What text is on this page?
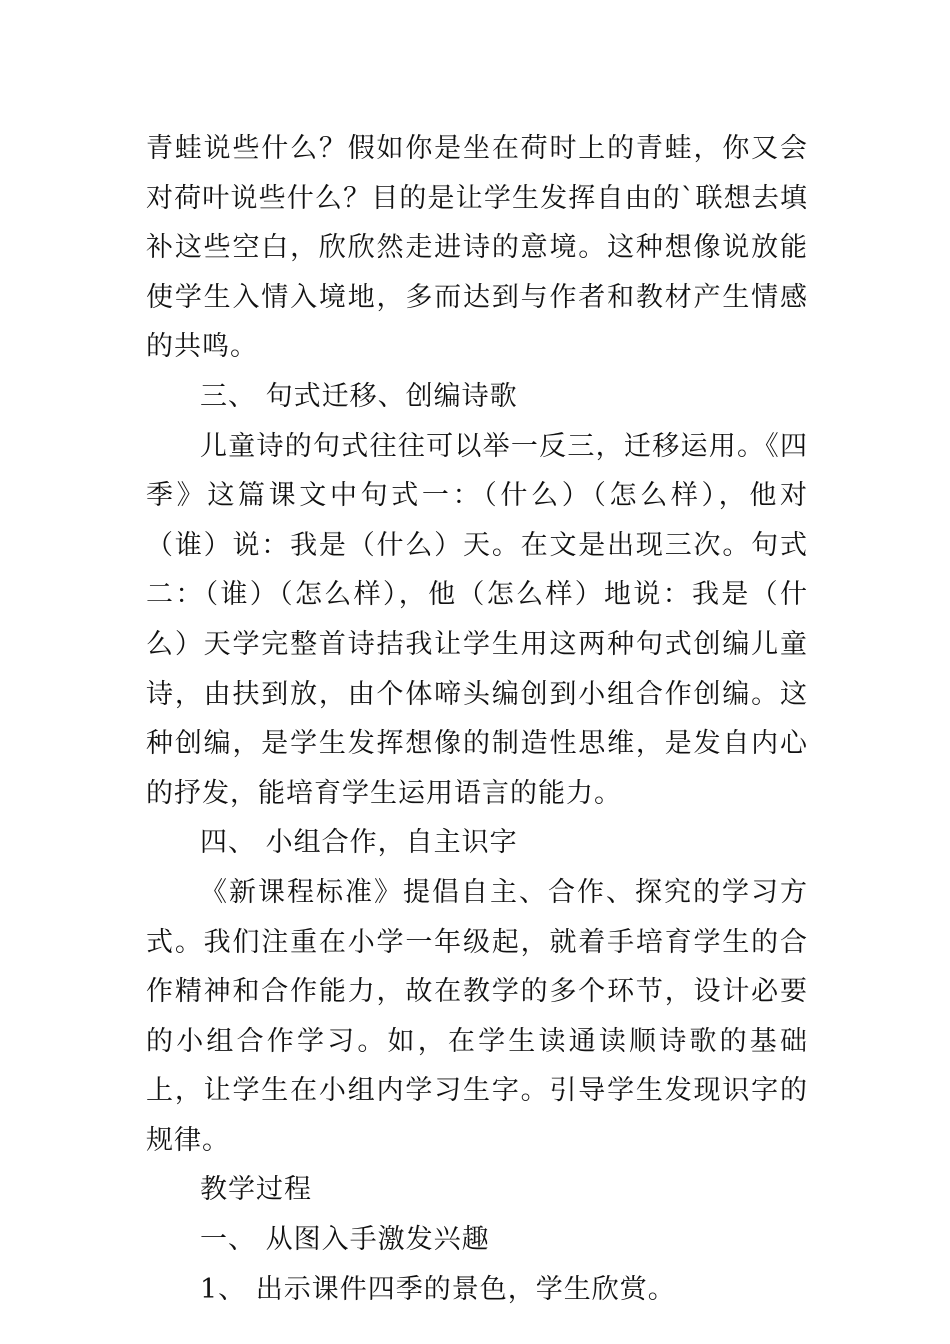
青蛙说些什么？假如你是坐在荷时上的青蛙，你又会对荷叶说些什么？目的是让学生发挥自由的`联想去填补这些空白，欣欣然走进诗的意境。这种想像说放能使学生入情入境地，多而达到与作者和教材产生情感的共鸣。

三、 句式迁移、创编诗歌

儿童诗的句式往往可以举一反三，迁移运用。《四季》这篇课文中句式一：（什么）（怎么样），他对（谁）说：我是（什么）天。在文是出现三次。句式二：（谁）（怎么样），他（怎么样）地说：我是（什么）天学完整首诗拮我让学生用这两种句式创编儿童诗，由扶到放，由个体啼头编创到小组合作创编。这种创编，是学生发挥想像的制造性思维，是发自内心的抒发，能培育学生运用语言的能力。

四、 小组合作，自主识字

《新课程标准》提倡自主、合作、探究的学习方式。我们注重在小学一年级起，就着手培育学生的合作精神和合作能力，故在教学的多个环节，设计必要的小组合作学习。如，在学生读通读顺诗歌的基础上，让学生在小组内学习生字。引导学生发现识字的规律。

教学过程

一、 从图入手激发兴趣

1、 出示课件四季的景色，学生欣赏。
